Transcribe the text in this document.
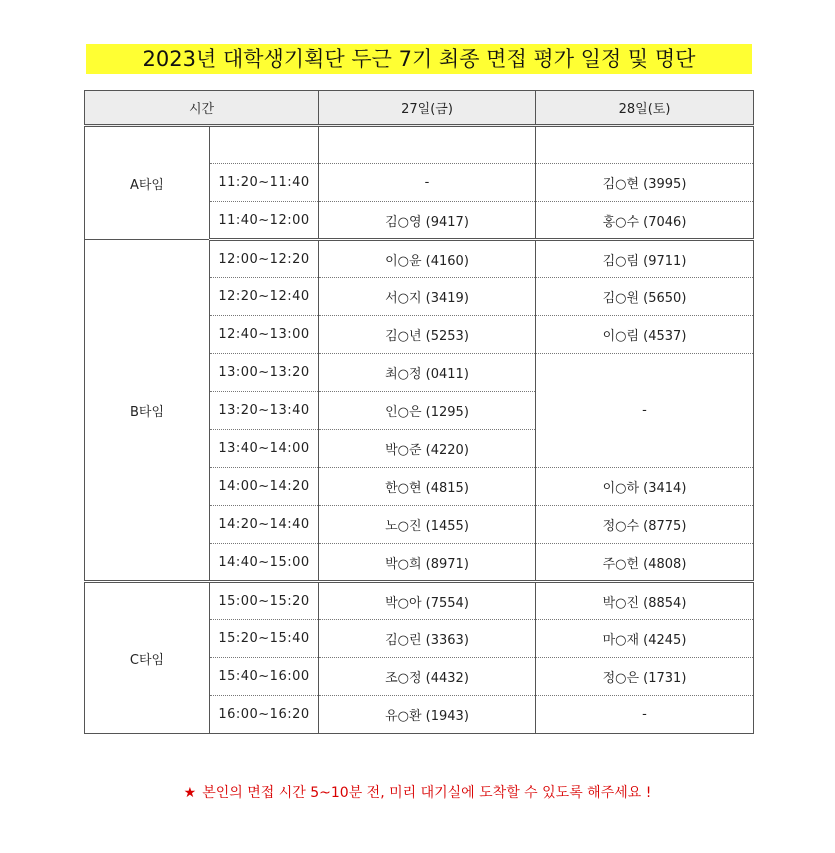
2023년 대학생기획단 두근 7기 최종 면접 평가 일정 및 명단
시간		27일(금)	28일(토)
A타임			
	11:20~11:40	-	김○현 (3995)
	11:40~12:00	김○영 (9417)	홍○수 (7046)
B타임	12:00~12:20	이○윤 (4160)	김○림 (9711)
	12:20~12:40	서○지 (3419)	김○원 (5650)
	12:40~13:00	김○년 (5253)	이○림 (4537)
	13:00~13:20	최○정 (0411)	-
	13:20~13:40	인○은 (1295)	
	13:40~14:00	박○준 (4220)	
	14:00~14:20	한○현 (4815)	이○하 (3414)
	14:20~14:40	노○진 (1455)	정○수 (8775)
	14:40~15:00	박○희 (8971)	주○헌 (4808)
C타임	15:00~15:20	박○아 (7554)	박○진 (8854)
	15:20~15:40	김○린 (3363)	마○재 (4245)
	15:40~16:00	조○정 (4432)	정○은 (1731)
	16:00~16:20	유○환 (1943)	-
★ 본인의 면접 시간 5~10분 전, 미리 대기실에 도착할 수 있도록 해주세요 !
